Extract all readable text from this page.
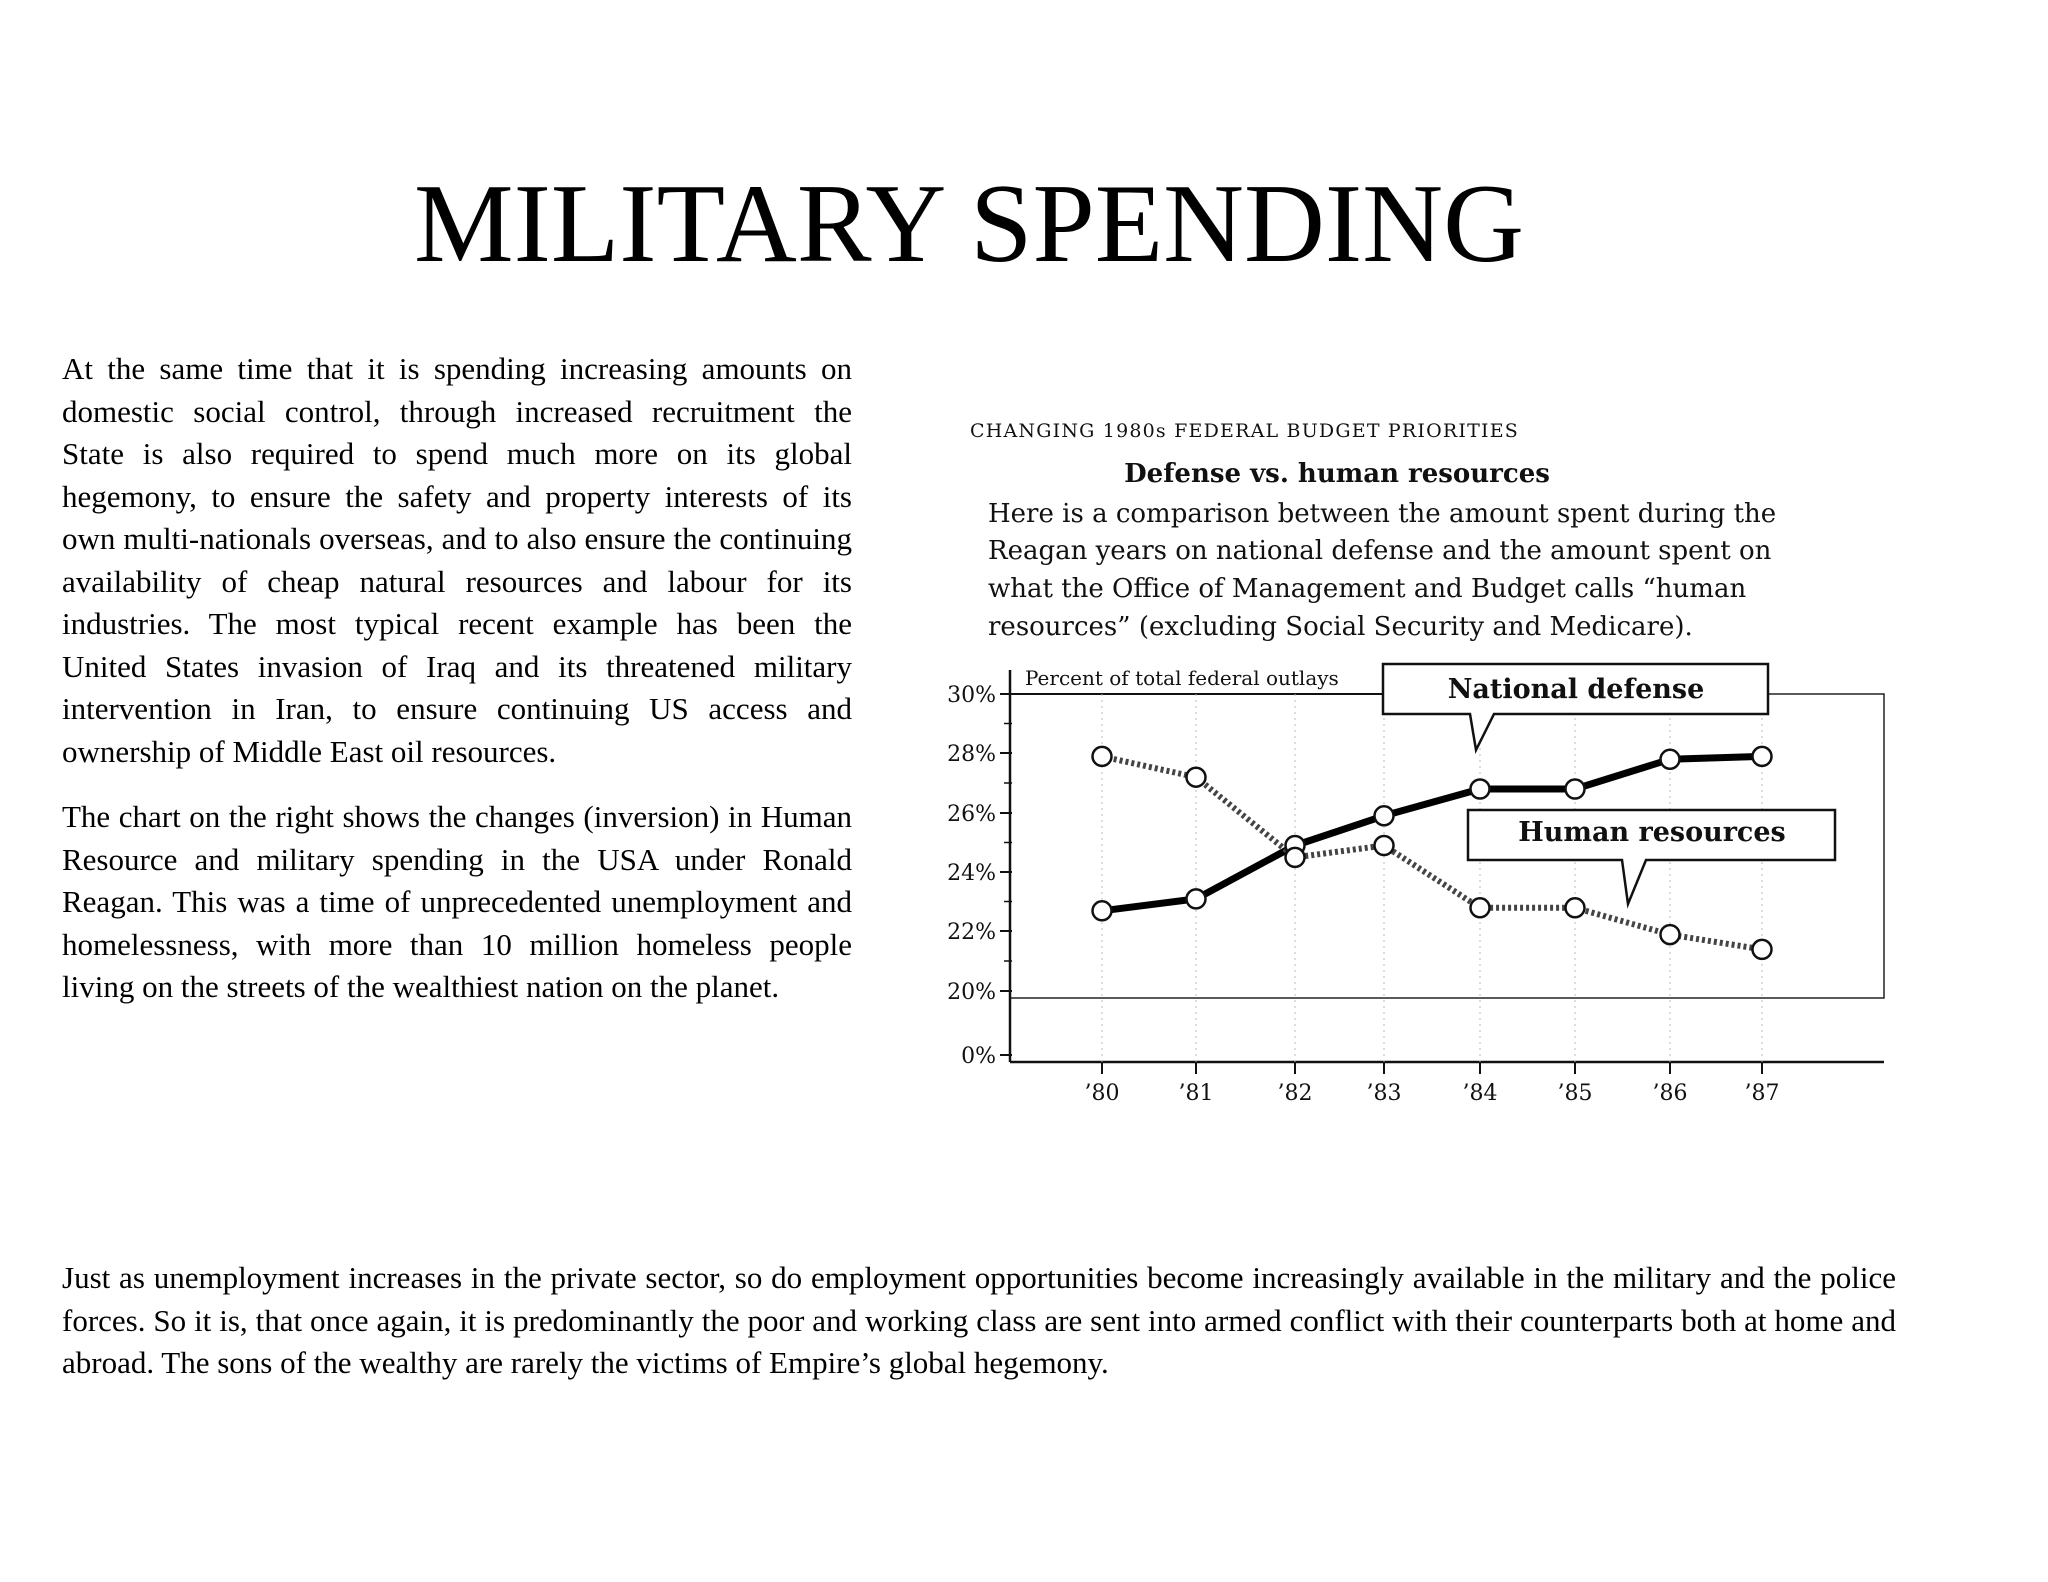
MILITARY SPENDING

At the same time that it is spending increasing amounts on domestic social control, through increased recruitment the State is also required to spend much more on its global hegemony, to ensure the safety and property interests of its own multi-nationals overseas, and to also ensure the continuing availability of cheap natural resources and labour for its industries. The most typical recent example has been the United States invasion of Iraq and its threatened military intervention in Iran, to ensure continuing US access and ownership of Middle East oil resources.

The chart on the right shows the changes (inversion) in Human Resource and military spending in the USA under Ronald Reagan. This was a time of unprecedented unemployment and homelessness, with more than 10 million homeless people living on the streets of the wealthiest nation on the planet.

CHANGING 1980s FEDERAL BUDGET PRIORITIES
Defense vs. human resources
Here is a comparison between the amount spent during the
Reagan years on national defense and the amount spent on
what the Office of Management and Budget calls “human
resources” (excluding Social Security and Medicare).
Percent of total federal outlays
30%
28%
26%
24%
22%
20%
0%
’80	’81	’82 ’83	’84	’85	’86	’87
National defense
Human resources

Just as unemployment increases in the private sector, so do employment opportunities become increasingly available in the military and the police forces. So it is, that once again, it is predominantly the poor and working class are sent into armed conflict with their counterparts both at home and abroad. The sons of the wealthy are rarely the victims of Empire’s global hegemony.
